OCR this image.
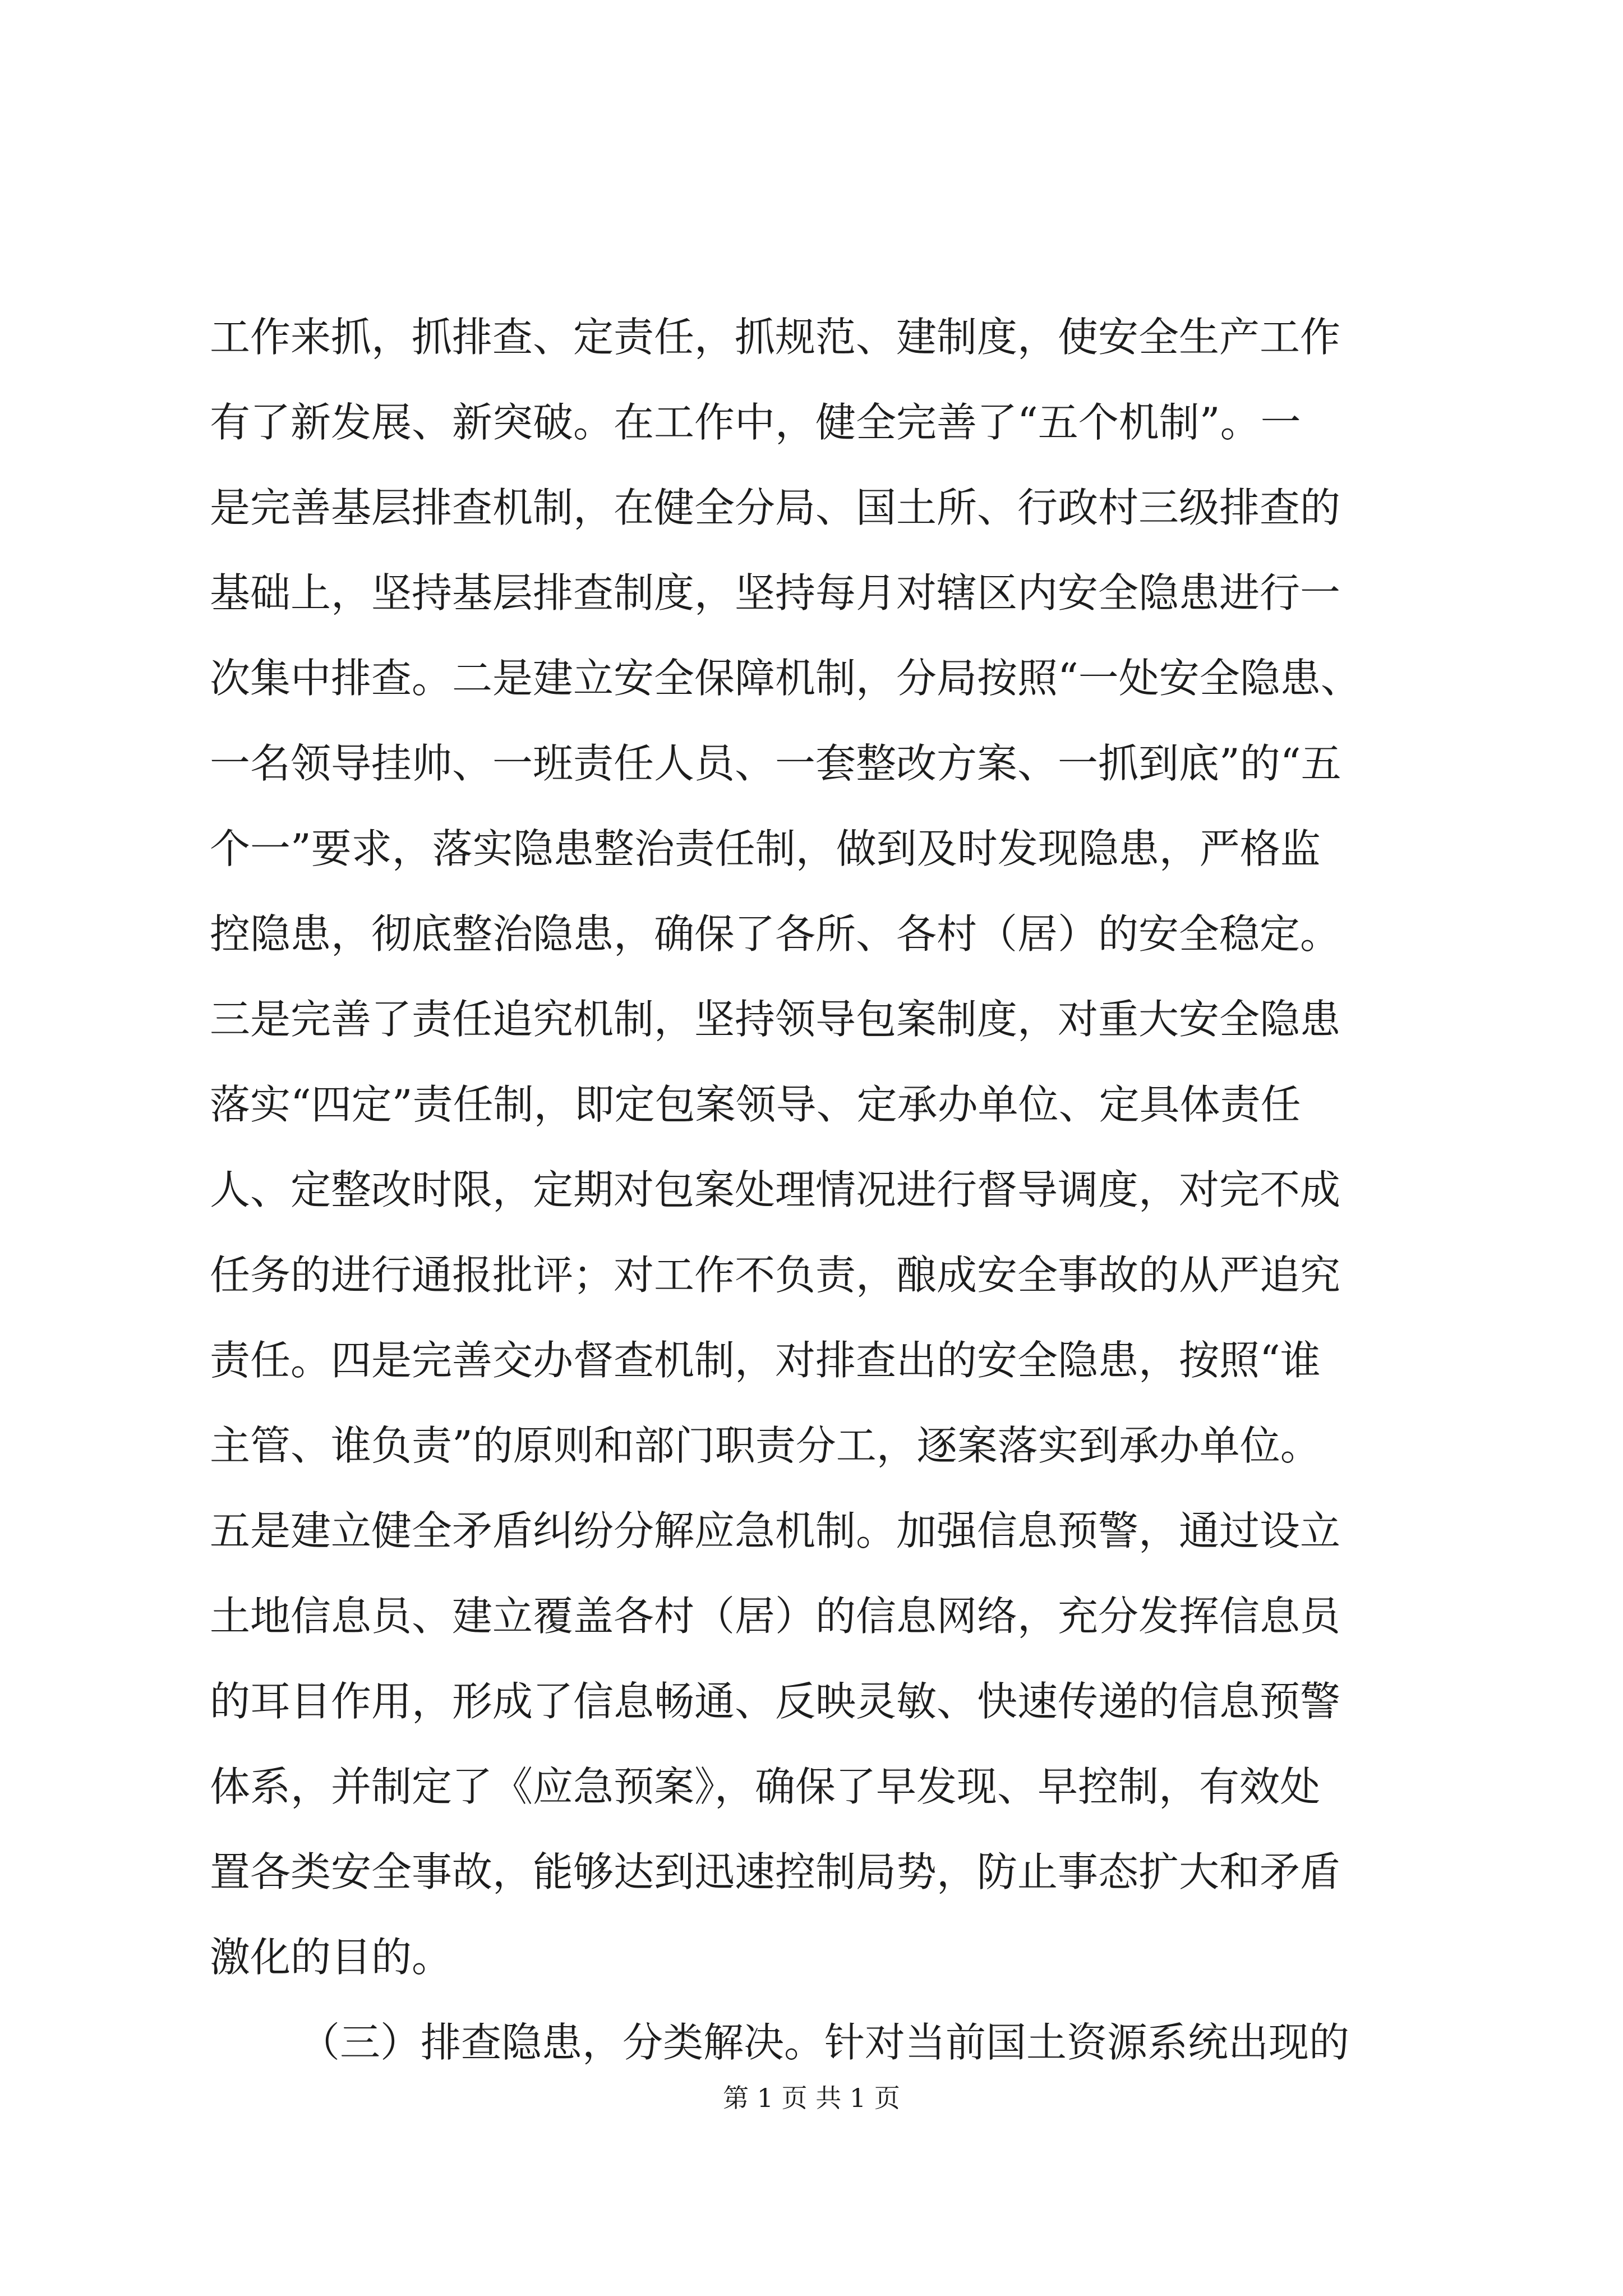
工作来抓，抓排查、定责任，抓规范、建制度，使安全生产工作
有了新发展、新突破。在工作中，健全完善了“五个机制”。一
是完善基层排查机制，在健全分局、国土所、行政村三级排查的
基础上，坚持基层排查制度，坚持每月对辖区内安全隐患进行一
次集中排查。二是建立安全保障机制，分局按照“一处安全隐患、
一名领导挂帅、一班责任人员、一套整改方案、一抓到底”的“五
个一”要求，落实隐患整治责任制，做到及时发现隐患，严格监
控隐患，彻底整治隐患，确保了各所、各村（居）的安全稳定。
三是完善了责任追究机制，坚持领导包案制度，对重大安全隐患
落实“四定”责任制，即定包案领导、定承办单位、定具体责任
人、定整改时限，定期对包案处理情况进行督导调度，对完不成
任务的进行通报批评；对工作不负责，酿成安全事故的从严追究
责任。四是完善交办督查机制，对排查出的安全隐患，按照“谁
主管、谁负责”的原则和部门职责分工，逐案落实到承办单位。
五是建立健全矛盾纠纷分解应急机制。加强信息预警，通过设立
土地信息员、建立覆盖各村（居）的信息网络，充分发挥信息员
的耳目作用，形成了信息畅通、反映灵敏、快速传递的信息预警
体系，并制定了《应急预案》，确保了早发现、早控制，有效处
置各类安全事故，能够达到迅速控制局势，防止事态扩大和矛盾
激化的目的。
（三）排查隐患，分类解决。针对当前国土资源系统出现的
第 1 页 共 1 页
